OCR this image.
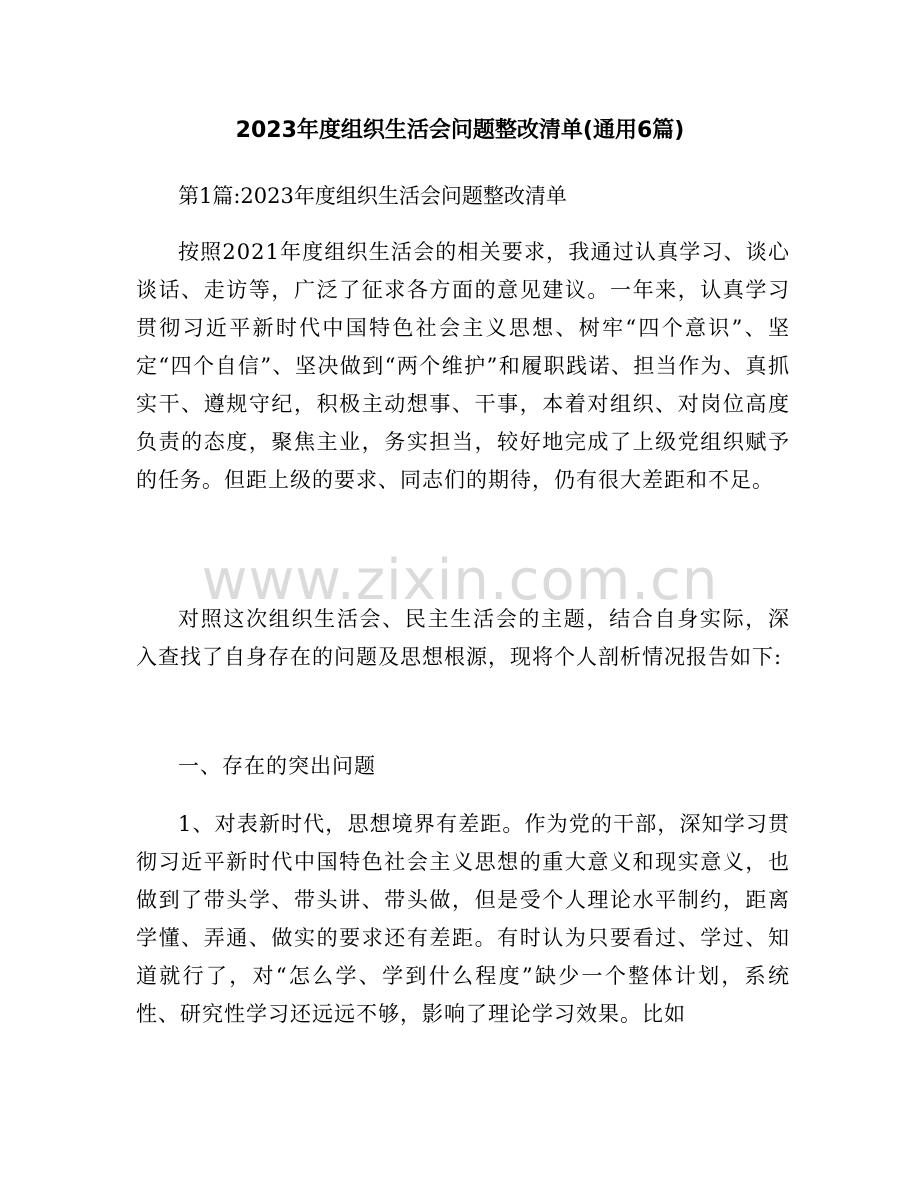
2023年度组织生活会问题整改清单(通用6篇)
第1篇:2023年度组织生活会问题整改清单
按照2021年度组织生活会的相关要求，我通过认真学习、谈心谈话、走访等，广泛了征求各方面的意见建议。一年来，认真学习贯彻习近平新时代中国特色社会主义思想、树牢“四个意识”、坚定“四个自信”、坚决做到“两个维护”和履职践诺、担当作为、真抓实干、遵规守纪，积极主动想事、干事，本着对组织、对岗位高度负责的态度，聚焦主业，务实担当，较好地完成了上级党组织赋予的任务。但距上级的要求、同志们的期待，仍有很大差距和不足。
对照这次组织生活会、民主生活会的主题，结合自身实际，深入查找了自身存在的问题及思想根源，现将个人剖析情况报告如下:
一、存在的突出问题
1、对表新时代，思想境界有差距。作为党的干部，深知学习贯彻习近平新时代中国特色社会主义思想的重大意义和现实意义，也做到了带头学、带头讲、带头做，但是受个人理论水平制约，距离学懂、弄通、做实的要求还有差距。有时认为只要看过、学过、知道就行了，对“怎么学、学到什么程度”缺少一个整体计划，系统性、研究性学习还远远不够，影响了理论学习效果。比如
www.zixin.com.cn
